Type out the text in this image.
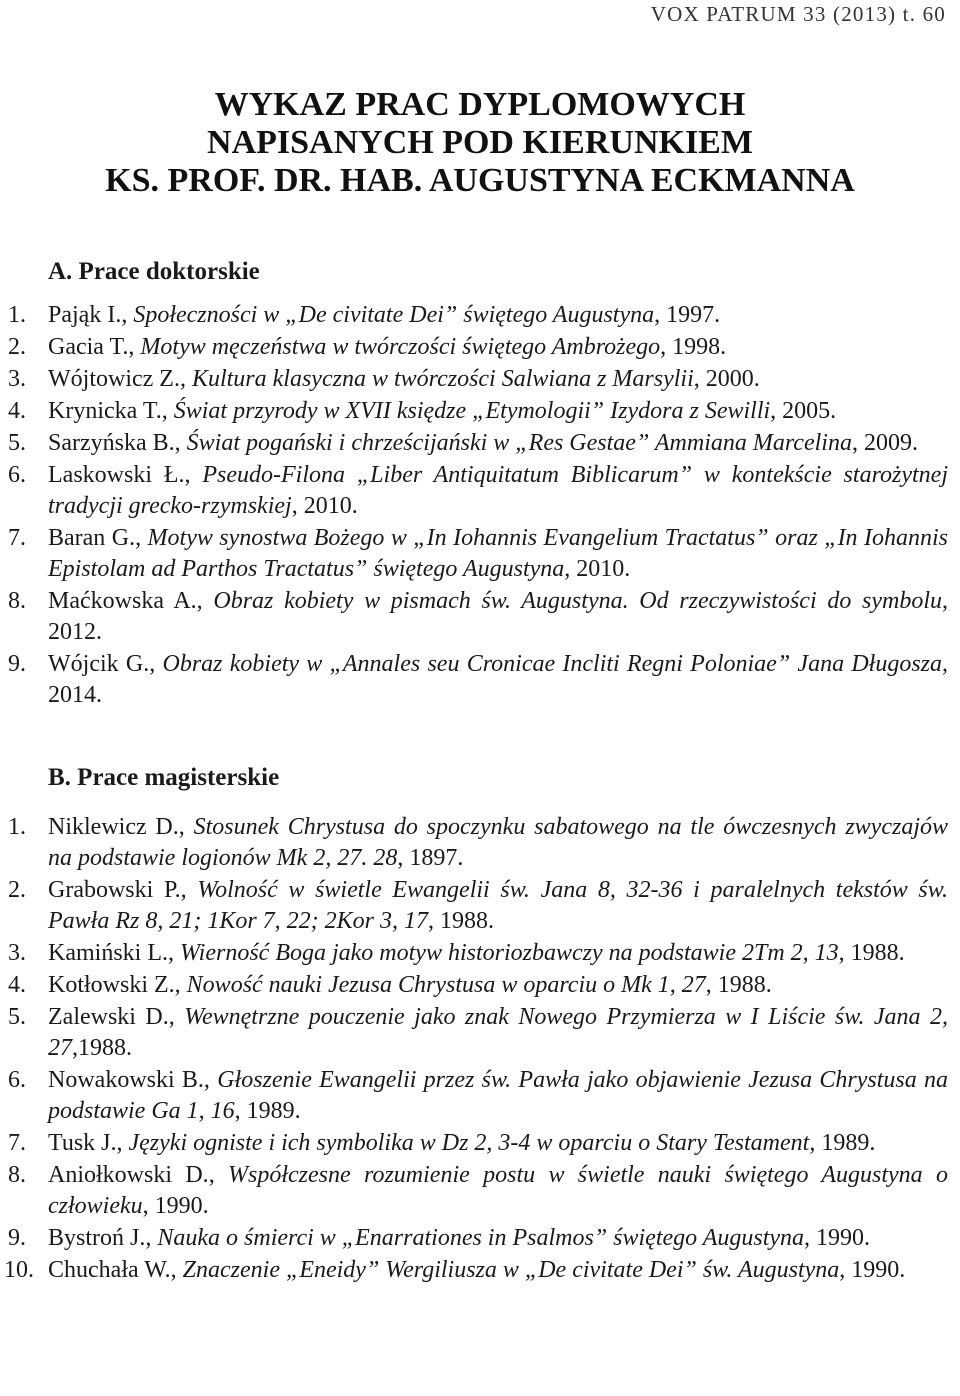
VOX PATRUM 33 (2013) t. 60
WYKAZ PRAC DYPLOMOWYCH
NAPISANYCH POD KIERUNKIEM
KS. PROF. DR. HAB. AUGUSTYNA ECKMANNA
A. Prace doktorskie
1. Pająk I., Społeczności w „De civitate Dei” świętego Augustyna, 1997.
2. Gacia T., Motyw męczeństwa w twórczości świętego Ambrożego, 1998.
3. Wójtowicz Z., Kultura klasyczna w twórczości Salwiana z Marsylii, 2000.
4. Krynicka T., Świat przyrody w XVII księdze „Etymologii” Izydora z Sewilli, 2005.
5. Sarzyńska B., Świat pogański i chrześcijański w „Res Gestae” Ammiana Marcelina, 2009.
6. Laskowski Ł., Pseudo-Filona „Liber Antiquitatum Biblicarum” w kontekście starożytnej tradycji grecko-rzymskiej, 2010.
7. Baran G., Motyw synostwa Bożego w „In Iohannis Evangelium Tractatus” oraz „In Iohannis Epistolam ad Parthos Tractatus” świętego Augustyna, 2010.
8. Maćkowska A., Obraz kobiety w pismach św. Augustyna. Od rzeczywistości do symbolu, 2012.
9. Wójcik G., Obraz kobiety w „Annales seu Cronicae Incliti Regni Poloniae” Jana Długosza, 2014.
B. Prace magisterskie
1. Niklewicz D., Stosunek Chrystusa do spoczynku sabatowego na tle ówczesnych zwyczajów na podstawie logionów Mk 2, 27. 28, 1897.
2. Grabowski P., Wolność w świetle Ewangelii św. Jana 8, 32-36 i paralelnych tekstów św. Pawła Rz 8, 21; 1Kor 7, 22; 2Kor 3, 17, 1988.
3. Kamiński L., Wierność Boga jako motyw historiozbawczy na podstawie 2Tm 2, 13, 1988.
4. Kotłowski Z., Nowość nauki Jezusa Chrystusa w oparciu o Mk 1, 27, 1988.
5. Zalewski D., Wewnętrzne pouczenie jako znak Nowego Przymierza w I Liście św. Jana 2, 27,1988.
6. Nowakowski B., Głoszenie Ewangelii przez św. Pawła jako objawienie Jezusa Chrystusa na podstawie Ga 1, 16, 1989.
7. Tusk J., Języki ogniste i ich symbolika w Dz 2, 3-4 w oparciu o Stary Testament, 1989.
8. Aniołkowski D., Współczesne rozumienie postu w świetle nauki świętego Augustyna o człowieku, 1990.
9. Bystroń J., Nauka o śmierci w „Enarrationes in Psalmos” świętego Augustyna, 1990.
10. Chuchała W., Znaczenie „Eneidy” Wergiliusza w „De civitate Dei” św. Augustyna, 1990.
